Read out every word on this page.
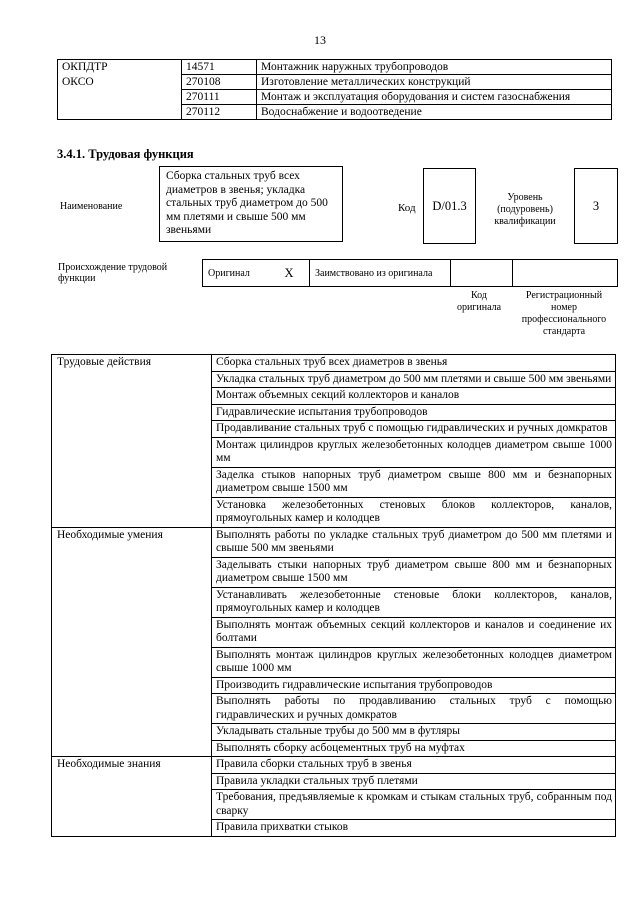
13
ОКПДТР	14571	Монтажник наружных трубопроводов
ОКСО	270108	Изготовление металлических конструкций
	270111	Монтаж и эксплуатация оборудования и систем газоснабжения
	270112	Водоснабжение и водоотведение
3.4.1. Трудовая функция
Наименование
Сборка стальных труб всех диаметров в звенья; укладка стальных труб диаметром до 500 мм плетями и свыше 500 мм звеньями
Код	D/01.3
Уровень (подуровень) квалификации
3
Происхождение трудовой функции	Оригинал	X	Заимствовано из оригинала		
Код оригинала
Регистрационный номер профессионального стандарта
Трудовые действия	Сборка стальных труб всех диаметров в звенья
	Укладка стальных труб диаметром до 500 мм плетями и свыше 500 мм звеньями
	Монтаж объемных секций коллекторов и каналов
	Гидравлические испытания трубопроводов
	Продавливание стальных труб с помощью гидравлических и ручных домкратов
	Монтаж цилиндров круглых железобетонных колодцев диаметром свыше 1000 мм
	Заделка стыков напорных труб диаметром свыше 800 мм и безнапорных диаметром свыше 1500 мм
	Установка железобетонных стеновых блоков коллекторов, каналов, прямоугольных камер и колодцев
Необходимые умения	Выполнять работы по укладке стальных труб диаметром до 500 мм плетями и свыше 500 мм звеньями
	Заделывать стыки напорных труб диаметром свыше 800 мм и безнапорных диаметром свыше 1500 мм
	Устанавливать железобетонные стеновые блоки коллекторов, каналов, прямоугольных камер и колодцев
	Выполнять монтаж объемных секций коллекторов и каналов и соединение их болтами
	Выполнять монтаж цилиндров круглых железобетонных колодцев диаметром свыше 1000 мм
	Производить гидравлические испытания трубопроводов
	Выполнять работы по продавливанию стальных труб с помощью гидравлических и ручных домкратов
	Укладывать стальные трубы до 500 мм в футляры
	Выполнять сборку асбоцементных труб на муфтах
Необходимые знания	Правила сборки стальных труб в звенья
	Правила укладки стальных труб плетями
	Требования, предъявляемые к кромкам и стыкам стальных труб, собранным под сварку
	Правила прихватки стыков
